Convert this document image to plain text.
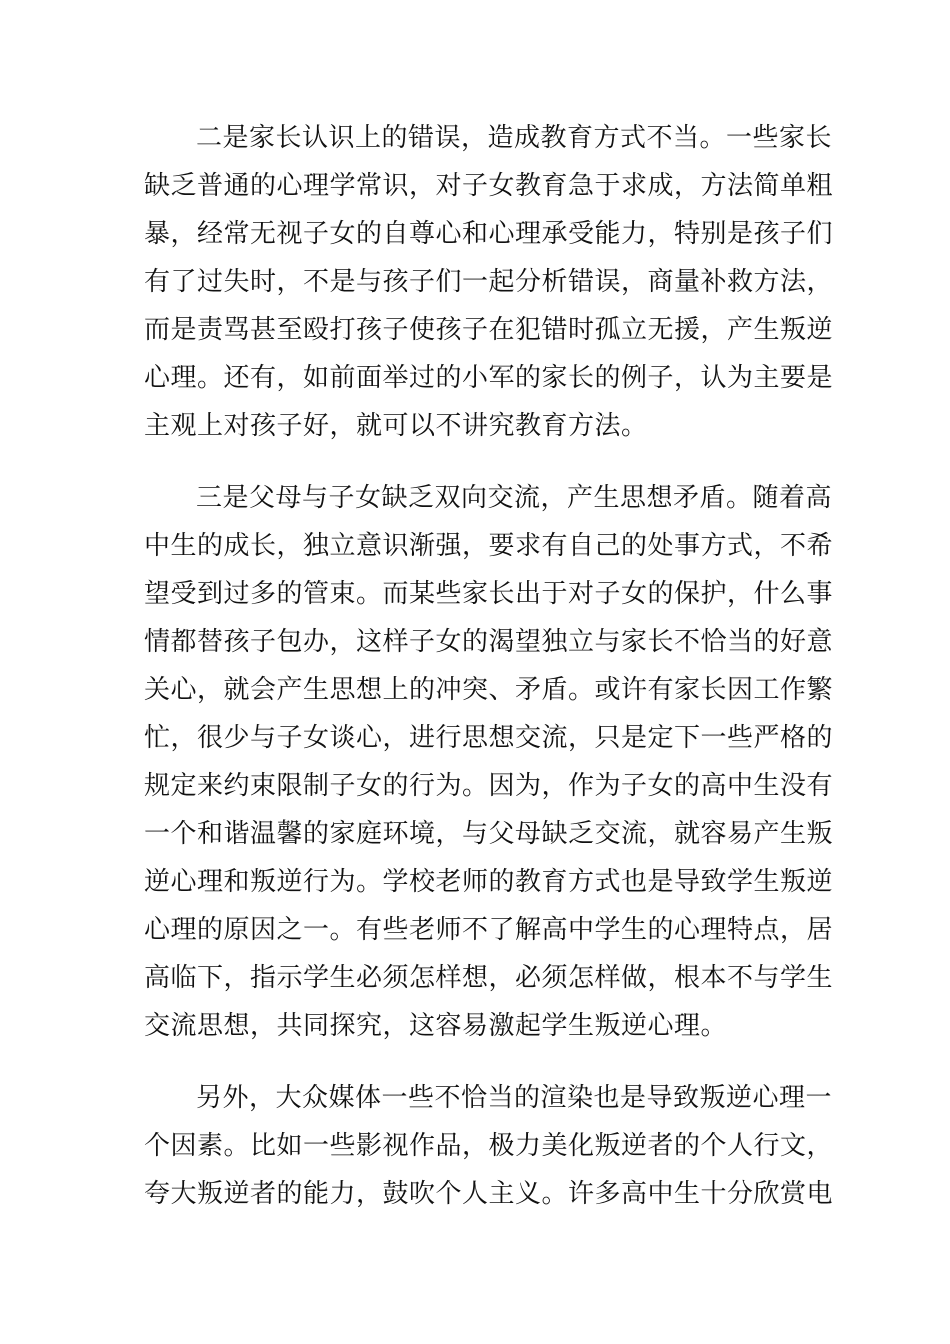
二是家长认识上的错误，造成教育方式不当。一些家长
缺乏普通的心理学常识，对子女教育急于求成，方法简单粗
暴，经常无视子女的自尊心和心理承受能力，特别是孩子们
有了过失时，不是与孩子们一起分析错误，商量补救方法，
而是责骂甚至殴打孩子使孩子在犯错时孤立无援，产生叛逆
心理。还有，如前面举过的小军的家长的例子，认为主要是
主观上对孩子好，就可以不讲究教育方法。
三是父母与子女缺乏双向交流，产生思想矛盾。随着高
中生的成长，独立意识渐强，要求有自己的处事方式，不希
望受到过多的管束。而某些家长出于对子女的保护，什么事
情都替孩子包办，这样子女的渴望独立与家长不恰当的好意
关心，就会产生思想上的冲突、矛盾。或许有家长因工作繁
忙，很少与子女谈心，进行思想交流，只是定下一些严格的
规定来约束限制子女的行为。因为，作为子女的高中生没有
一个和谐温馨的家庭环境，与父母缺乏交流，就容易产生叛
逆心理和叛逆行为。学校老师的教育方式也是导致学生叛逆
心理的原因之一。有些老师不了解高中学生的心理特点，居
高临下，指示学生必须怎样想，必须怎样做，根本不与学生
交流思想，共同探究，这容易激起学生叛逆心理。
另外，大众媒体一些不恰当的渲染也是导致叛逆心理一
个因素。比如一些影视作品，极力美化叛逆者的个人行文，
夸大叛逆者的能力，鼓吹个人主义。许多高中生十分欣赏电
